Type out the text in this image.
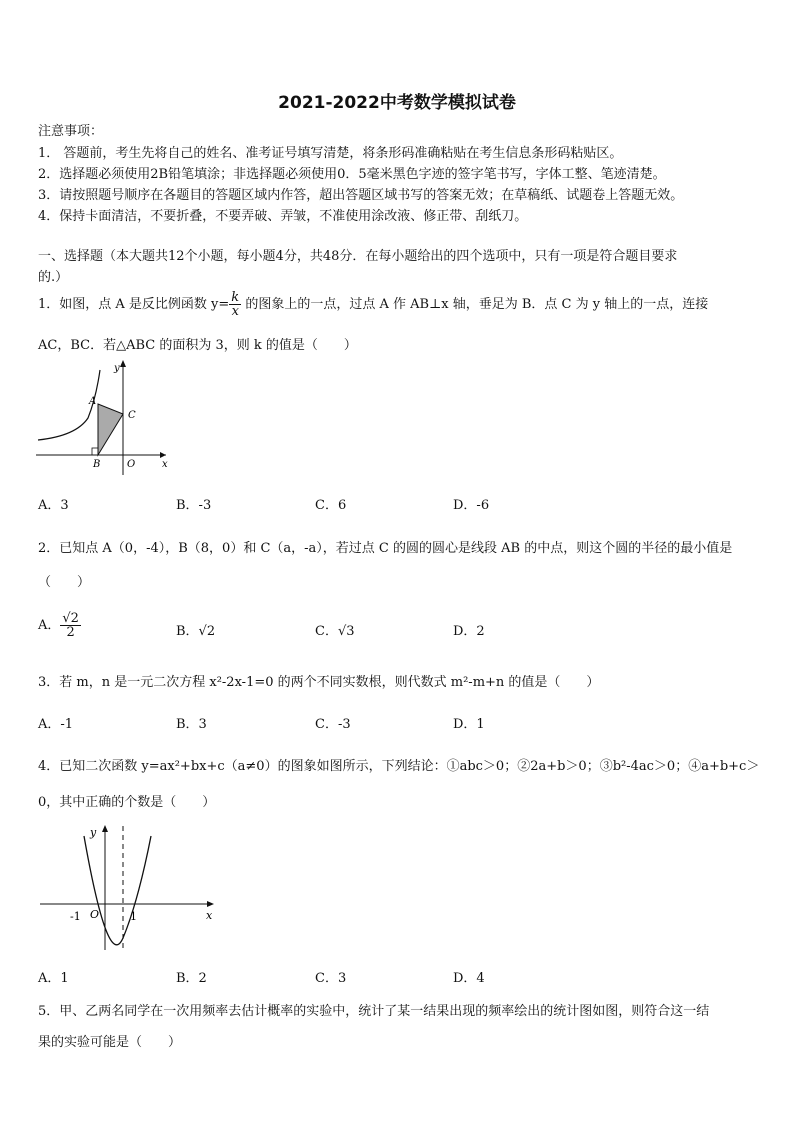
2021-2022中考数学模拟试卷
注意事项：
1． 答题前，考生先将自己的姓名、准考证号填写清楚，将条形码准确粘贴在考生信息条形码粘贴区。
2．选择题必须使用2B铅笔填涂；非选择题必须使用0．5毫米黑色字迹的签字笔书写，字体工整、笔迹清楚。
3．请按照题号顺序在各题目的答题区域内作答，超出答题区域书写的答案无效；在草稿纸、试题卷上答题无效。
4．保持卡面清洁，不要折叠，不要弄破、弄皱，不准使用涂改液、修正带、刮纸刀。
一、选择题（本大题共12个小题，每小题4分，共48分．在每小题给出的四个选项中，只有一项是符合题目要求
的.）
1．如图，点 A 是反比例函数 $y= \frac{k}{x}$ 的图象上的一点，过点 A 作 AB⊥x 轴，垂足为 B．点 C 为 y 轴上的一点，连接
AC，BC．若△ABC 的面积为 3，则 k 的值是（　　）
A
C
B	O	x
y
A．3	B．-3	C．6	D．-6
2．已知点 A（0，-4），B（8，0）和 C（a，-a），若过点 C 的圆的圆心是线段 AB 的中点，则这个圆的半径的最小值是
（　　）
A． $\frac{√2}{2}$	B．√2	C．√3	D．2
3．若 m，n 是一元二次方程 x²-2x-1=0 的两个不同实数根，则代数式 m²-m+n 的值是（　　）
A．-1	B．3	C．-3	D．1
4．已知二次函数 y=ax²+bx+c（a≠0）的图象如图所示，下列结论：①abc＞0；②2a+b＞0；③b²-4ac＞0；④a+b+c＞
0，其中正确的个数是（　　）
y
x
O
-1	1
A．1	B．2	C．3	D．4
5．甲、乙两名同学在一次用频率去估计概率的实验中，统计了某一结果出现的频率绘出的统计图如图，则符合这一结
果的实验可能是（　　）
